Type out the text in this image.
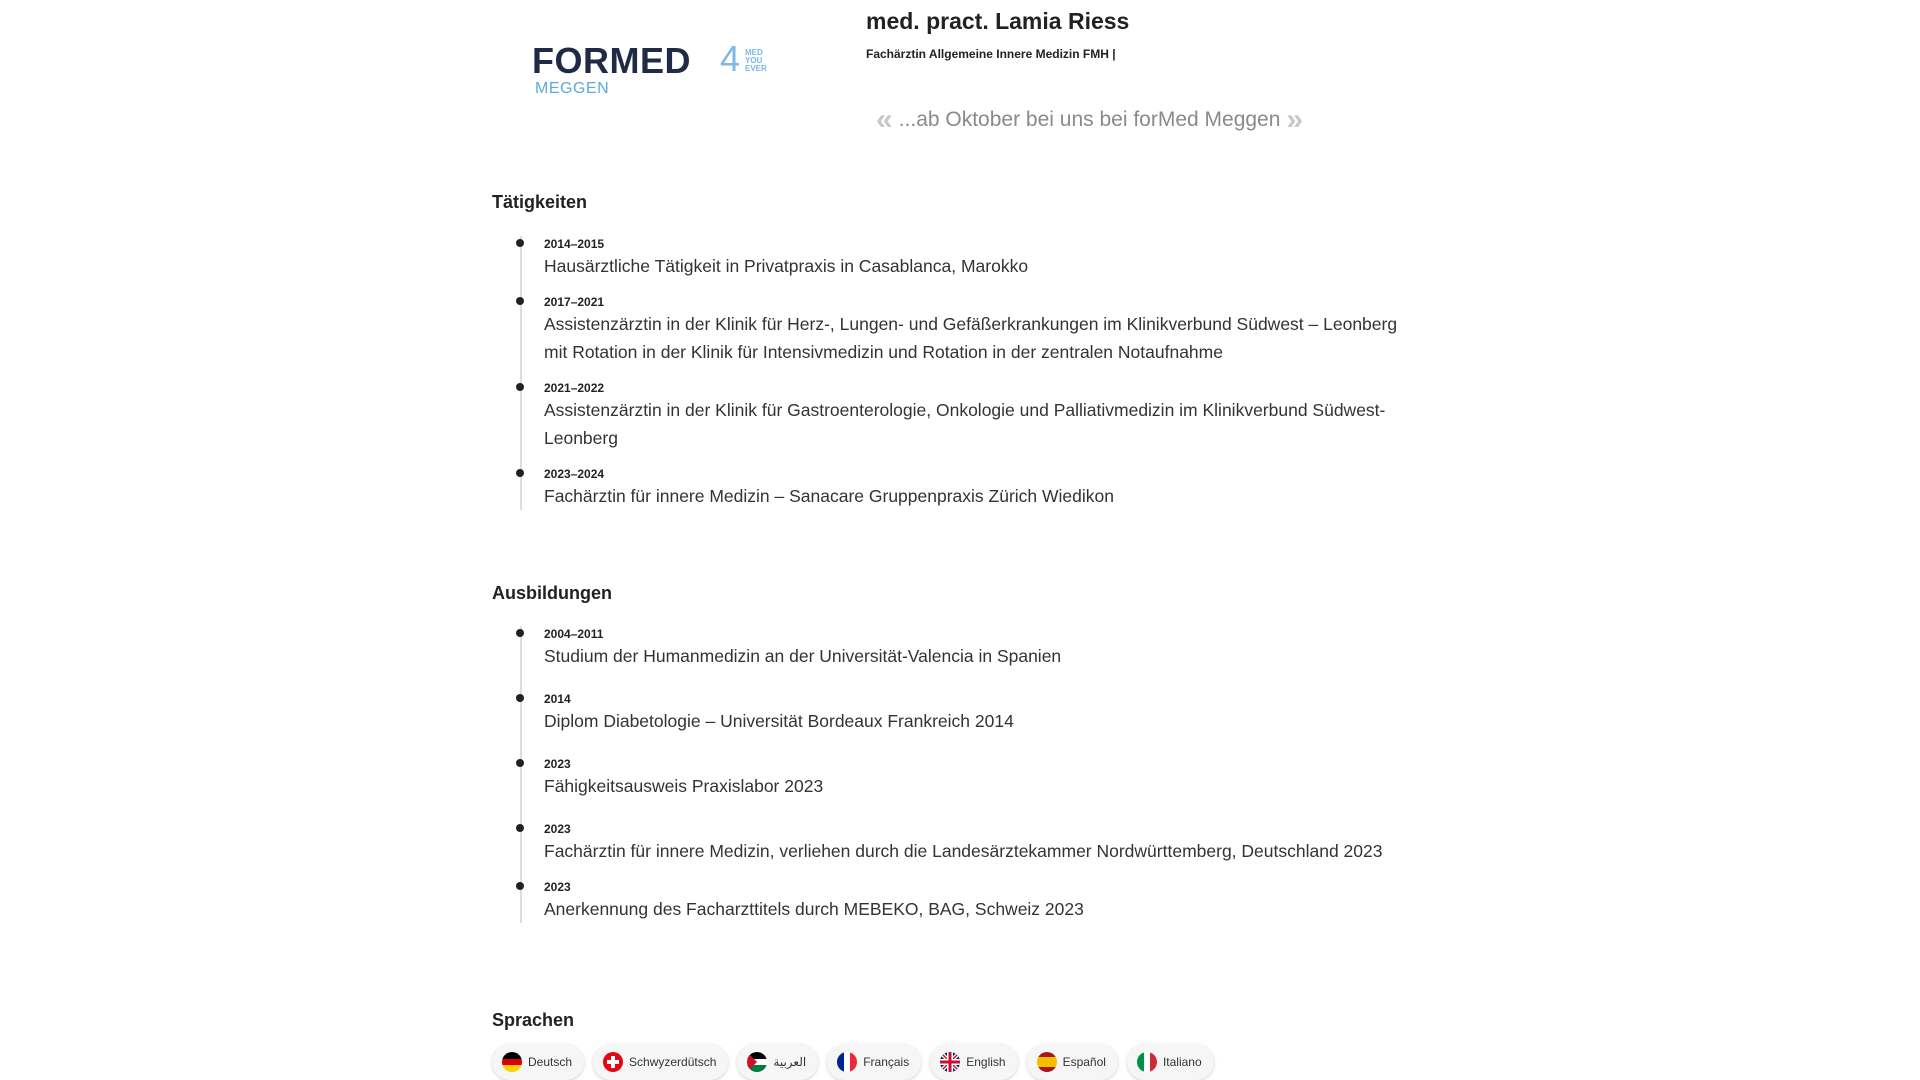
FORMED 4 MED
YOU
EVER
MEGGEN
med. pract. Lamia Riess
Fachärztin Allgemeine Innere Medizin FMH |
« ...ab Oktober bei uns bei forMed Meggen »
Tätigkeiten
2014–2015
Hausärztliche Tätigkeit in Privatpraxis in Casablanca, Marokko
2017–2021
Assistenzärztin in der Klinik für Herz-, Lungen- und Gefäßerkrankungen im Klinikverbund Südwest – Leonberg mit Rotation in der Klinik für Intensivmedizin und Rotation in der zentralen Notaufnahme
2021–2022
Assistenzärztin in der Klinik für Gastroenterologie, Onkologie und Palliativmedizin im Klinikverbund Südwest-Leonberg
2023–2024
Fachärztin für innere Medizin – Sanacare Gruppenpraxis Zürich Wiedikon
Ausbildungen
2004–2011
Studium der Humanmedizin an der Universität-Valencia in Spanien
2014
Diplom Diabetologie – Universität Bordeaux Frankreich 2014
2023
Fähigkeitsausweis Praxislabor 2023
2023
Fachärztin für innere Medizin, verliehen durch die Landesärztekammer Nordwürttemberg, Deutschland 2023
2023
Anerkennung des Facharzttitels durch MEBEKO, BAG, Schweiz 2023
Sprachen
Deutsch	Schwyzerdütsch	العربية	Français	English	Español	Italiano
